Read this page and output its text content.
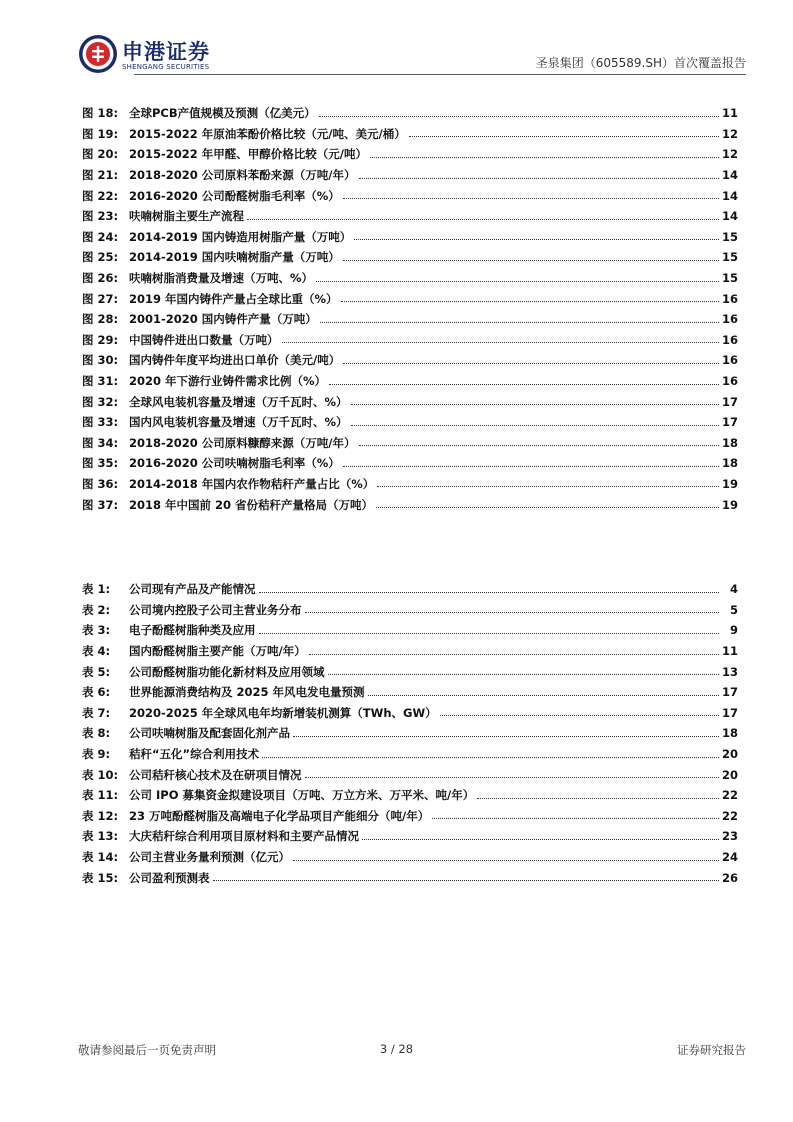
申港证券
SHENGANG SECURITIES	圣泉集团（605589.SH）首次覆盖报告
图 18: 全球PCB产值规模及预测（亿美元）	11
图 19: 2015-2022 年原油苯酚价格比较（元/吨、美元/桶）	12
图 20: 2015-2022 年甲醛、甲醇价格比较（元/吨）	12
图 21: 2018-2020 公司原料苯酚来源（万吨/年）	14
图 22: 2016-2020 公司酚醛树脂毛利率（%）	14
图 23: 呋喃树脂主要生产流程	14
图 24: 2014-2019 国内铸造用树脂产量（万吨）	15
图 25: 2014-2019 国内呋喃树脂产量（万吨）	15
图 26: 呋喃树脂消费量及增速（万吨、%）	15
图 27: 2019 年国内铸件产量占全球比重（%）	16
图 28: 2001-2020 国内铸件产量（万吨）	16
图 29: 中国铸件进出口数量（万吨）	16
图 30: 国内铸件年度平均进出口单价（美元/吨）	16
图 31: 2020 年下游行业铸件需求比例（%）	16
图 32: 全球风电装机容量及增速（万千瓦时、%）	17
图 33: 国内风电装机容量及增速（万千瓦时、%）	17
图 34: 2018-2020 公司原料糠醇来源（万吨/年）	18
图 35: 2016-2020 公司呋喃树脂毛利率（%）	18
图 36: 2014-2018 年国内农作物秸秆产量占比（%）	19
图 37: 2018 年中国前 20 省份秸秆产量格局（万吨）	19
表 1:	公司现有产品及产能情况	4
表 2:	公司境内控股子公司主营业务分布	5
表 3:	电子酚醛树脂种类及应用	9
表 4:	国内酚醛树脂主要产能（万吨/年）	11
表 5:	公司酚醛树脂功能化新材料及应用领域	13
表 6:	世界能源消费结构及 2025 年风电发电量预测	17
表 7:	2020-2025 年全球风电年均新增装机测算（TWh、GW）	17
表 8:	公司呋喃树脂及配套固化剂产品	18
表 9:	秸秆“五化”综合利用技术	20
表 10: 公司秸秆核心技术及在研项目情况	20
表 11: 公司 IPO 募集资金拟建设项目（万吨、万立方米、万平米、吨/年）	22
表 12: 23 万吨酚醛树脂及高端电子化学品项目产能细分（吨/年）	22
表 13: 大庆秸秆综合利用项目原材料和主要产品情况	23
表 14: 公司主营业务量利预测（亿元）	24
表 15: 公司盈利预测表	26
敬请参阅最后一页免责声明	3 / 28	证券研究报告
